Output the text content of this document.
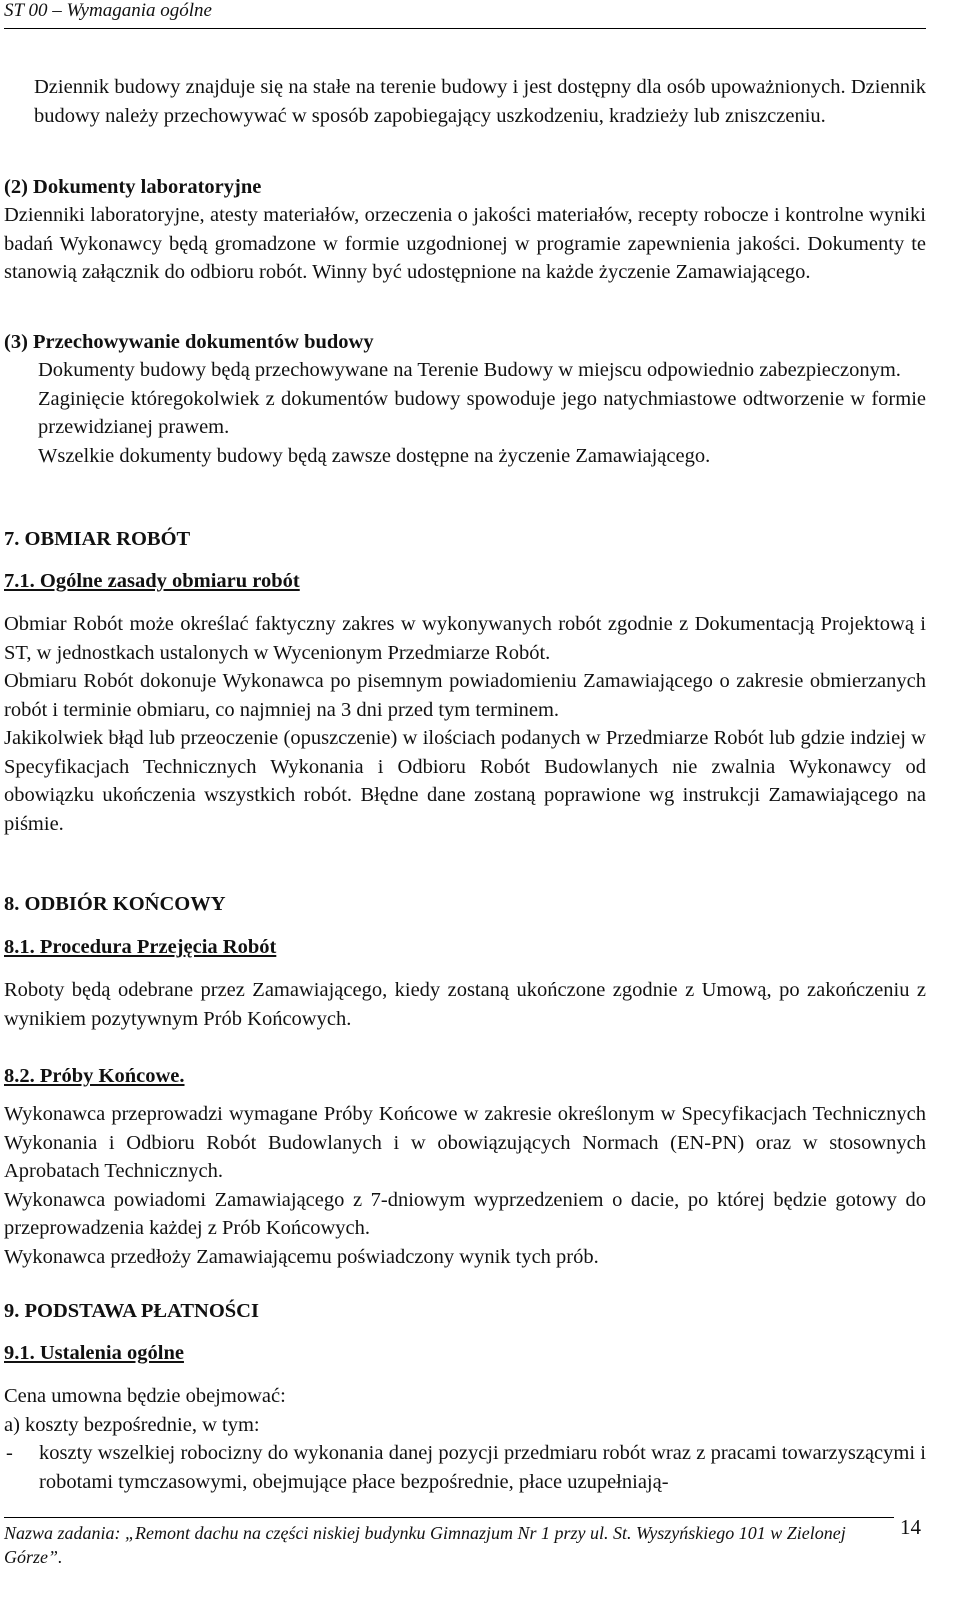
ST 00 – Wymagania ogólne

Dziennik budowy znajduje się na stałe na terenie budowy i jest dostępny dla osób upoważnionych. Dziennik budowy należy przechowywać w sposób zapobiegający uszkodzeniu, kradzieży lub zniszczeniu.

(2) Dokumenty laboratoryjne

Dzienniki laboratoryjne, atesty materiałów, orzeczenia o jakości materiałów, recepty robocze i kontrolne wyniki badań Wykonawcy będą gromadzone w formie uzgodnionej w programie zapewnienia jakości. Dokumenty te stanowią załącznik do odbioru robót. Winny być udostępnione na każde życzenie Zamawiającego.

(3) Przechowywanie dokumentów budowy

Dokumenty budowy będą przechowywane na Terenie Budowy w miejscu odpowiednio zabezpieczonym.

Zaginięcie któregokolwiek z dokumentów budowy spowoduje jego natychmiastowe odtworzenie w formie przewidzianej prawem.

Wszelkie dokumenty budowy będą zawsze dostępne na życzenie Zamawiającego.

7. OBMIAR ROBÓT

7.1. Ogólne zasady obmiaru robót

Obmiar Robót może określać faktyczny zakres w wykonywanych robót zgodnie z Dokumentacją Projektową i ST, w jednostkach ustalonych w Wycenionym Przedmiarze Robót.

Obmiaru Robót dokonuje Wykonawca po pisemnym powiadomieniu Zamawiającego o zakresie obmierzanych robót i terminie obmiaru, co najmniej na 3 dni przed tym terminem.

Jakikolwiek błąd lub przeoczenie (opuszczenie) w ilościach podanych w Przedmiarze Robót lub gdzie indziej w Specyfikacjach Technicznych Wykonania i Odbioru Robót Budowlanych nie zwalnia Wykonawcy od obowiązku ukończenia wszystkich robót. Błędne dane zostaną poprawione wg instrukcji Zamawiającego na piśmie.

8. ODBIÓR KOŃCOWY

8.1. Procedura Przejęcia Robót

Roboty będą odebrane przez Zamawiającego, kiedy zostaną ukończone zgodnie z Umową, po zakończeniu z wynikiem pozytywnym Prób Końcowych.

8.2. Próby Końcowe.

Wykonawca przeprowadzi wymagane Próby Końcowe w zakresie określonym w Specyfikacjach Technicznych Wykonania i Odbioru Robót Budowlanych i w obowiązujących Normach (EN-PN) oraz w stosownych Aprobatach Technicznych.

Wykonawca powiadomi Zamawiającego z 7-dniowym wyprzedzeniem o dacie, po której będzie gotowy do przeprowadzenia każdej z Prób Końcowych.

Wykonawca przedłoży Zamawiającemu poświadczony wynik tych prób.

9. PODSTAWA PŁATNOŚCI

9.1. Ustalenia ogólne

Cena umowna będzie obejmować:

a) koszty bezpośrednie, w tym:

-	koszty wszelkiej robocizny do wykonania danej pozycji przedmiaru robót wraz z pracami towarzyszącymi i robotami tymczasowymi, obejmujące płace bezpośrednie, płace uzupełniają-

Nazwa zadania: „Remont dachu na części niskiej budynku Gimnazjum Nr 1 przy ul. St. Wyszyńskiego 101 w Zielonej Górze”.
14
